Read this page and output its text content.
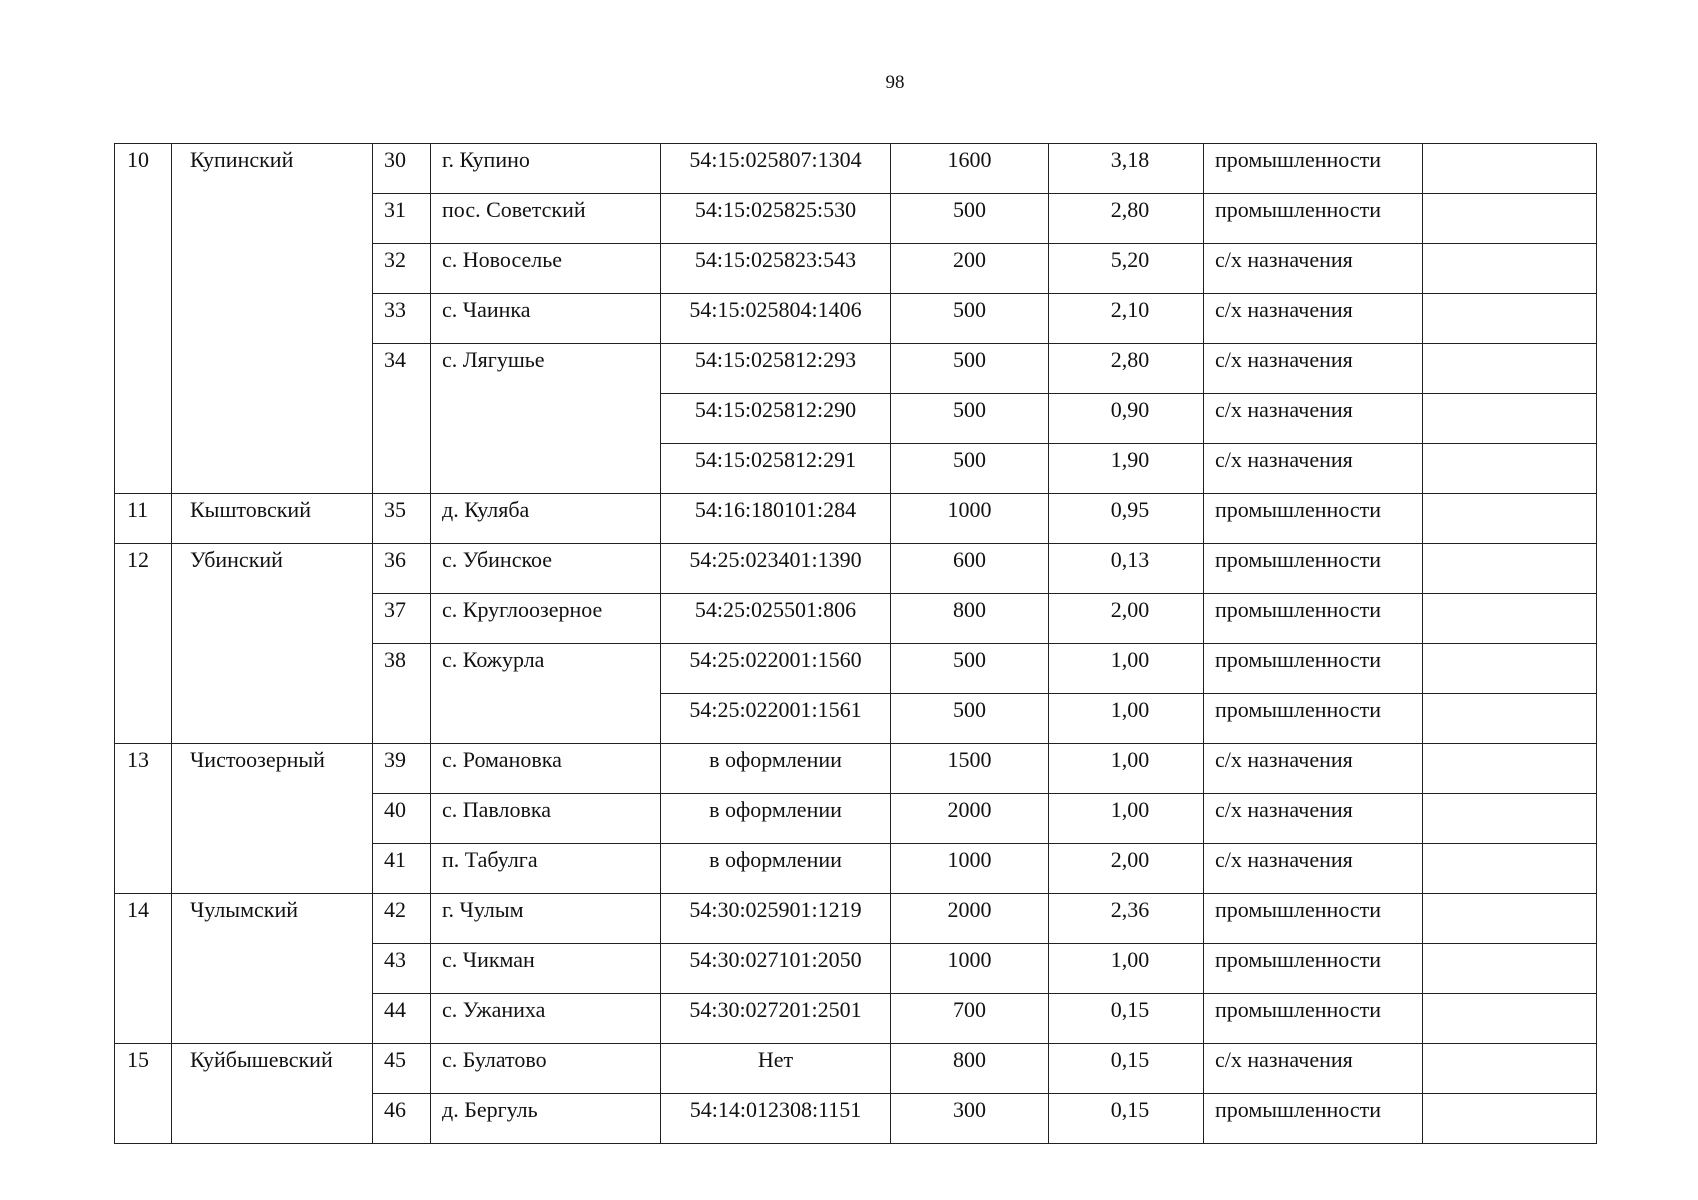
98
10	Купинский	30	г. Купино	54:15:025807:1304	1600	3,18	промышленности	

		31	пос. Советский	54:15:025825:530	500	2,80	промышленности	

		32	с. Новоселье	54:15:025823:543	200	5,20	с/х назначения	

		33	с. Чаинка	54:15:025804:1406	500	2,10	с/х назначения	

		34	с. Лягушье	54:15:025812:293	500	2,80	с/х назначения	

				54:15:025812:290	500	0,90	с/х назначения	

				54:15:025812:291	500	1,90	с/х назначения	

11	Кыштовский	35	д. Куляба	54:16:180101:284	1000	0,95	промышленности	

12	Убинский	36	с. Убинское	54:25:023401:1390	600	0,13	промышленности	

		37	с. Круглоозерное	54:25:025501:806	800	2,00	промышленности	

		38	с. Кожурла	54:25:022001:1560	500	1,00	промышленности	

				54:25:022001:1561	500	1,00	промышленности	

13	Чистоозерный	39	с. Романовка	в оформлении	1500	1,00	с/х назначения	

		40	с. Павловка	в оформлении	2000	1,00	с/х назначения	

		41	п. Табулга	в оформлении	1000	2,00	с/х назначения	

14	Чулымский	42	г. Чулым	54:30:025901:1219	2000	2,36	промышленности	

		43	с. Чикман	54:30:027101:2050	1000	1,00	промышленности	

		44	с. Ужаниха	54:30:027201:2501	700	0,15	промышленности	

15	Куйбышевский	45	с. Булатово	Нет	800	0,15	с/х назначения	

		46	д. Бергуль	54:14:012308:1151	300	0,15	промышленности	
